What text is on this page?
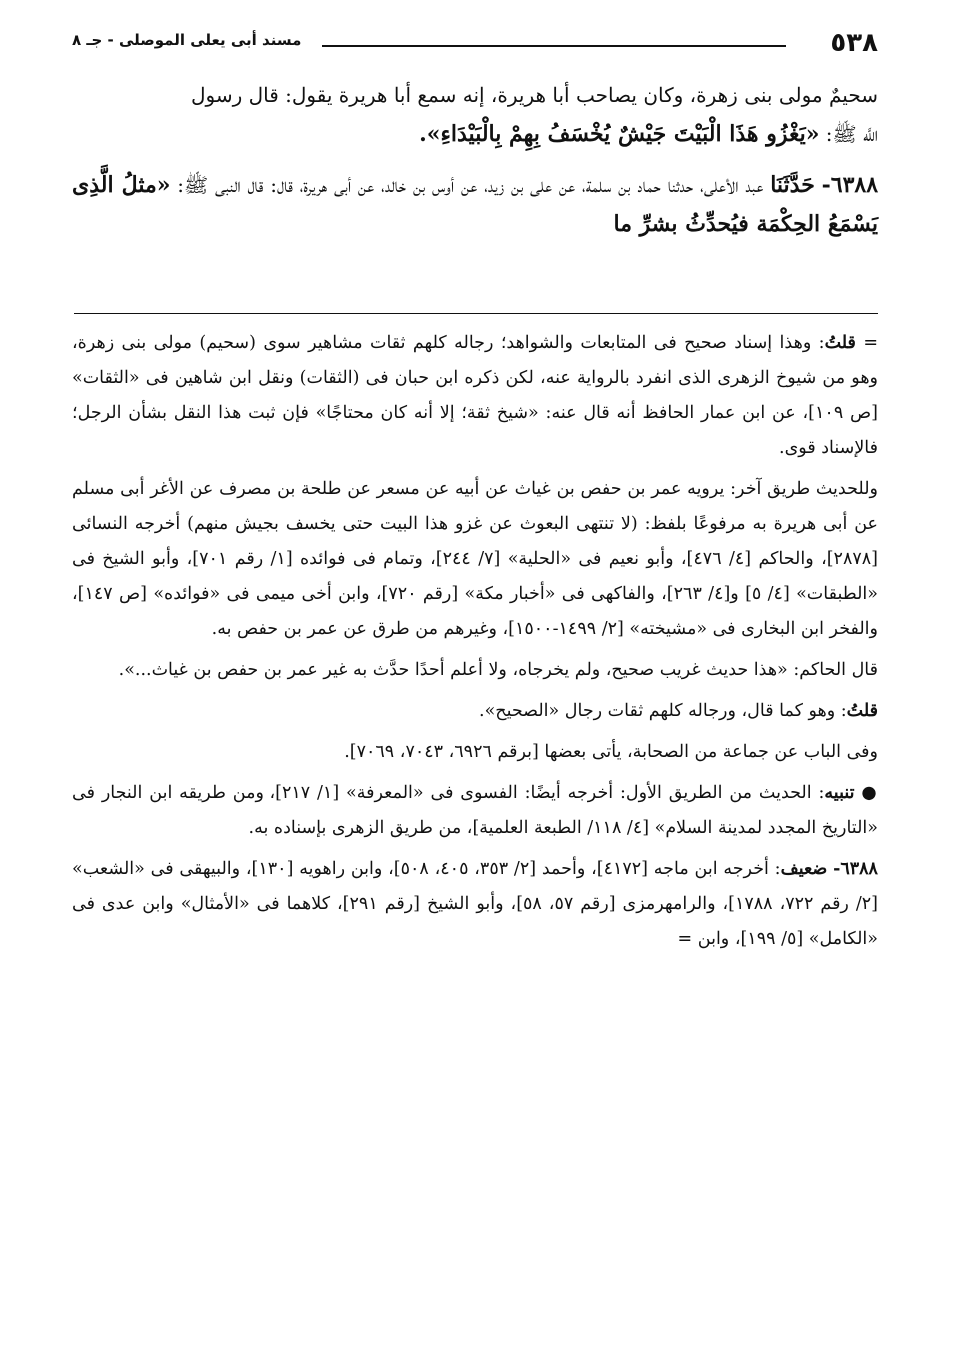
٥٣٨
مسند أبى يعلى الموصلى - جـ ٨

سحيمٌ مولى بنى زهرة، وكان يصاحب أبا هريرة، إنه سمع أبا هريرة يقول: قال رسول
اللَّه ﷺ: «يَغْزُو هَذَا الْبَيْتَ جَيْشٌ يُخْسَفُ بِهِمْ بِالْبَيْدَاءِ».

٦٣٨٨- حَدَّثَنَا عبد الأعلى، حدثنا حماد بن سلمة، عن على بن زيد، عن أوس بن خالد، عن أبى هريرة، قال: قال النبى ﷺ: «مثلُ الَّذِى يَسْمَعُ الحِكْمَة فيُحدِّثُ بشرِّ ما

= قلتُ: وهذا إسناد صحيح فى المتابعات والشواهد؛ رجاله كلهم ثقات مشاهير سوى (سحيم) مولى بنى زهرة، وهو من شيوخ الزهرى الذى انفرد بالرواية عنه، لكن ذكره ابن حبان فى (الثقات) ونقل ابن شاهين فى «الثقات» [ص ١٠٩]، عن ابن عمار الحافظ أنه قال عنه: «شيخ ثقة؛ إلا أنه كان محتاجًا» فإن ثبت هذا النقل بشأن الرجل؛ فالإسناد قوى.

وللحديث طريق آخر: يرويه عمر بن حفص بن غياث عن أبيه عن مسعر عن طلحة بن مصرف عن الأغر أبى مسلم عن أبى هريرة به مرفوعًا بلفظ: (لا تنتهى البعوث عن غزو هذا البيت حتى يخسف بجيش منهم) أخرجه النسائى [٢٨٧٨]، والحاكم [٤/ ٤٧٦]، وأبو نعيم فى «الحلية» [٧/ ٢٤٤]، وتمام فى فوائده [١/ رقم ٧٠١]، وأبو الشيخ فى «الطبقات» [٤/ ٥] و[٤/ ٢٦٣]، والفاكهى فى «أخبار مكة» [رقم ٧٢٠]، وابن أخى ميمى فى «فوائده» [ص ١٤٧]، والفخر ابن البخارى فى «مشيخته» [٢/ ١٤٩٩-١٥٠٠]، وغيرهم من طرق عن عمر بن حفص به.

قال الحاكم: «هذا حديث غريب صحيح، ولم يخرجاه، ولا أعلم أحدًا حدَّث به غير عمر بن حفص بن غياث...».

قلتُ: وهو كما قال، ورجاله كلهم ثقات رجال «الصحيح».

وفى الباب عن جماعة من الصحابة، يأتى بعضها [برقم ٦٩٢٦، ٧٠٤٣، ٧٠٦٩].

● تنبيه: الحديث من الطريق الأول: أخرجه أيضًا: الفسوى فى «المعرفة» [١/ ٢١٧]، ومن طريقه ابن النجار فى «التاريخ المجدد لمدينة السلام» [٤/ ١١٨/ الطبعة العلمية]، من طريق الزهرى بإسناده به.

٦٣٨٨- ضعيف: أخرجه ابن ماجه [٤١٧٢]، وأحمد [٢/ ٣٥٣، ٤٠٥، ٥٠٨]، وابن راهويه [١٣٠]، والبيهقى فى «الشعب» [٢/ رقم ٧٢٢، ١٧٨٨]، والرامهرمزى [رقم ٥٧، ٥٨]، وأبو الشيخ [رقم ٢٩١]، كلاهما فى «الأمثال» وابن عدى فى «الكامل» [٥/ ١٩٩]، وابن =
